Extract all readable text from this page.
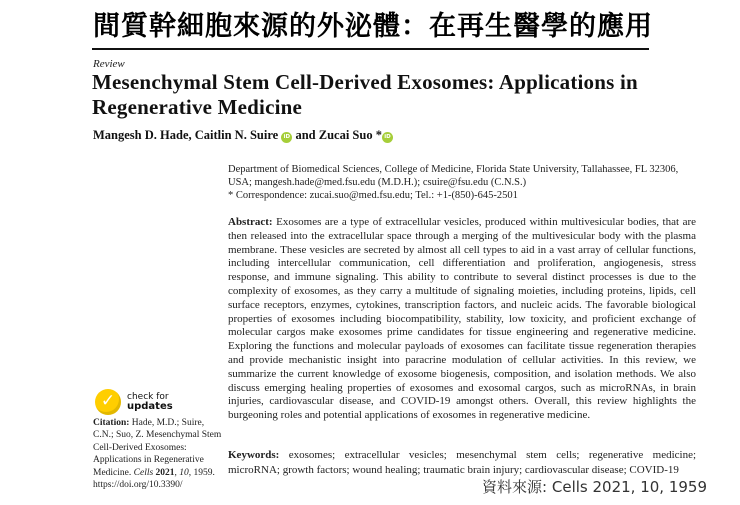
間質幹細胞來源的外泌體：在再生醫學的應用
Review
Mesenchymal Stem Cell-Derived Exosomes: Applications in Regenerative Medicine
Mangesh D. Hade, Caitlin N. Suire iD and Zucai Suo * iD
Department of Biomedical Sciences, College of Medicine, Florida State University, Tallahassee, FL 32306, USA; mangesh.hade@med.fsu.edu (M.D.H.); csuire@fsu.edu (C.N.S.)
* Correspondence: zucai.suo@med.fsu.edu; Tel.: +1-(850)-645-2501

Abstract: Exosomes are a type of extracellular vesicles, produced within multivesicular bodies, that are then released into the extracellular space through a merging of the multivesicular body with the plasma membrane. These vesicles are secreted by almost all cell types to aid in a vast array of cellular functions, including intercellular communication, cell differentiation and proliferation, angiogenesis, stress response, and immune signaling. This ability to contribute to several distinct processes is due to the complexity of exosomes, as they carry a multitude of signaling moieties, including proteins, lipids, cell surface receptors, enzymes, cytokines, transcription factors, and nucleic acids. The favorable biological properties of exosomes including biocompatibility, stability, low toxicity, and proficient exchange of molecular cargos make exosomes prime candidates for tissue engineering and regenerative medicine. Exploring the functions and molecular payloads of exosomes can facilitate tissue regeneration therapies and provide mechanistic insight into paracrine modulation of cellular activities. In this review, we summarize the current knowledge of exosome biogenesis, composition, and isolation methods. We also discuss emerging healing properties of exosomes and exosomal cargos, such as microRNAs, in brain injuries, cardiovascular disease, and COVID-19 amongst others. Overall, this review highlights the burgeoning roles and potential applications of exosomes in regenerative medicine.

Keywords: exosomes; extracellular vesicles; mesenchymal stem cells; regenerative medicine; microRNA; growth factors; wound healing; traumatic brain injury; cardiovascular disease; COVID-19

✓	check for
updates

Citation: Hade, M.D.; Suire, C.N.; Suo, Z. Mesenchymal Stem Cell-Derived Exosomes: Applications in Regenerative Medicine. Cells 2021, 10, 1959. https://doi.org/10.3390/	資料來源: Cells 2021, 10, 1959
